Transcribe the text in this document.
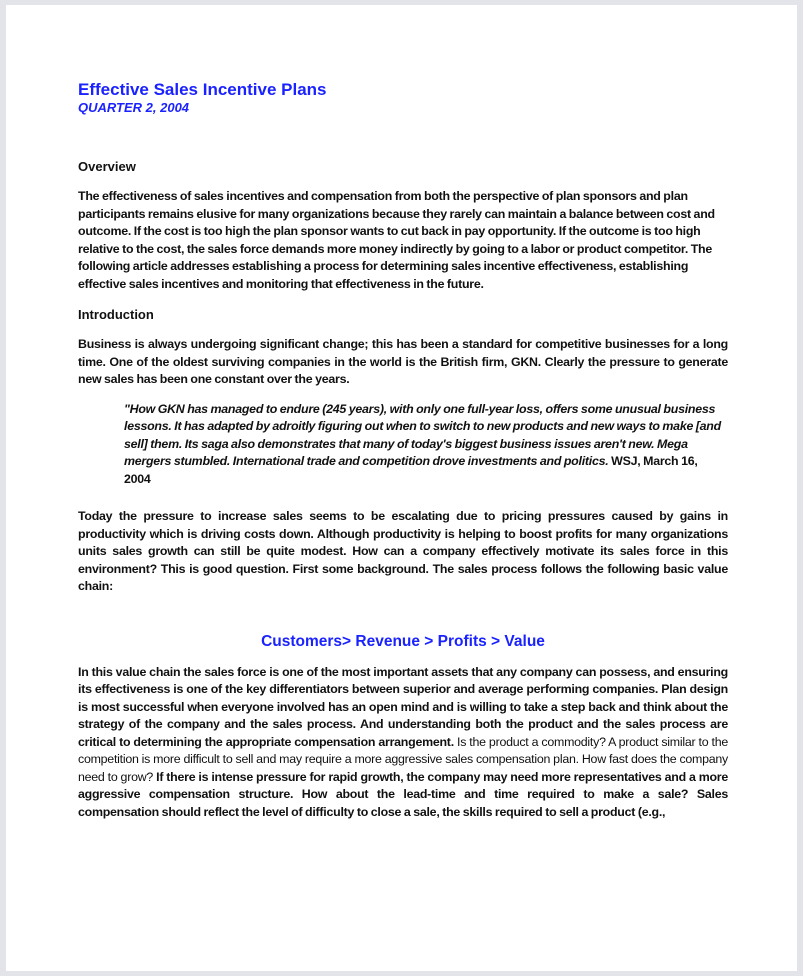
Effective Sales Incentive Plans

QUARTER 2, 2004

Overview

The effectiveness of sales incentives and compensation from both the perspective of plan sponsors and plan participants remains elusive for many organizations because they rarely can maintain a balance between cost and outcome. If the cost is too high the plan sponsor wants to cut back in pay opportunity. If the outcome is too high relative to the cost, the sales force demands more money indirectly by going to a labor or product competitor. The following article addresses establishing a process for determining sales incentive effectiveness, establishing effective sales incentives and monitoring that effectiveness in the future.

Introduction

Business is always undergoing significant change; this has been a standard for competitive businesses for a long time. One of the oldest surviving companies in the world is the British firm, GKN. Clearly the pressure to generate new sales has been one constant over the years.

"How GKN has managed to endure (245 years), with only one full-year loss, offers some unusual business lessons. It has adapted by adroitly figuring out when to switch to new products and new ways to make [and sell] them. Its saga also demonstrates that many of today's biggest business issues aren't new. Mega mergers stumbled. International trade and competition drove investments and politics. WSJ, March 16, 2004

Today the pressure to increase sales seems to be escalating due to pricing pressures caused by gains in productivity which is driving costs down. Although productivity is helping to boost profits for many organizations units sales growth can still be quite modest. How can a company effectively motivate its sales force in this environment? This is good question. First some background. The sales process follows the following basic value chain:

Customers> Revenue > Profits > Value

In this value chain the sales force is one of the most important assets that any company can possess, and ensuring its effectiveness is one of the key differentiators between superior and average performing companies. Plan design is most successful when everyone involved has an open mind and is willing to take a step back and think about the strategy of the company and the sales process. And understanding both the product and the sales process are critical to determining the appropriate compensation arrangement. Is the product a commodity? A product similar to the competition is more difficult to sell and may require a more aggressive sales compensation plan. How fast does the company need to grow? If there is intense pressure for rapid growth, the company may need more representatives and a more aggressive compensation structure. How about the lead-time and time required to make a sale? Sales compensation should reflect the level of difficulty to close a sale, the skills required to sell a product (e.g.,
